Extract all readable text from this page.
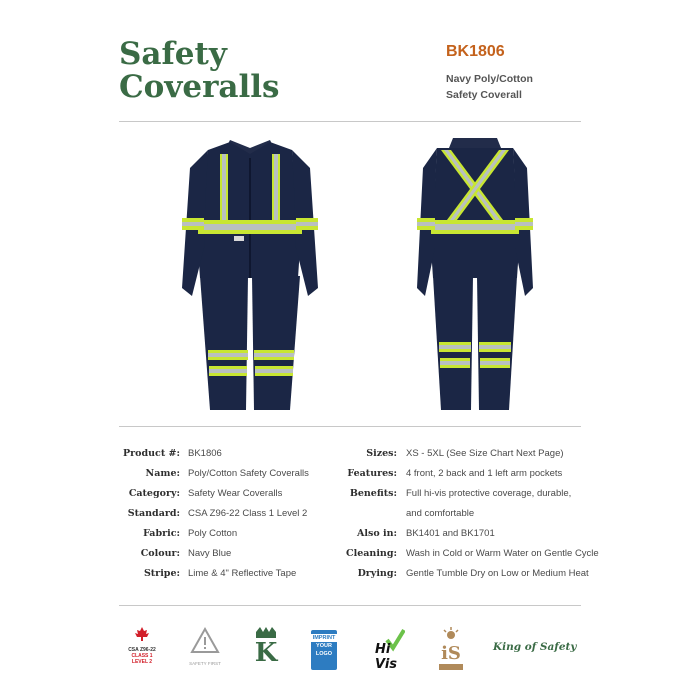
Safety
Coveralls
BK1806
Navy Poly/Cotton
Safety Coverall
Product #: BK1806
Name: Poly/Cotton Safety Coveralls
Category: Safety Wear Coveralls
Standard: CSA Z96-22 Class 1 Level 2
Fabric: Poly Cotton
Colour: Navy Blue
Stripe: Lime & 4" Reflective Tape
Sizes: XS - 5XL (See Size Chart Next Page)
Features: 4 front, 2 back and 1 left arm pockets
Benefits: Full hi-vis protective coverage, durable,
and comfortable
Also in: BK1401 and BK1701
Cleaning: Wash in Cold or Warm Water on Gentle Cycle
Drying: Gentle Tumble Dry on Low or Medium Heat
CSA Z96-22
CLASS 1
LEVEL 2	SAFETY FIRST K	IMPRINT
YOUR
LOGO	Hi Vis
iS	King of Safety
